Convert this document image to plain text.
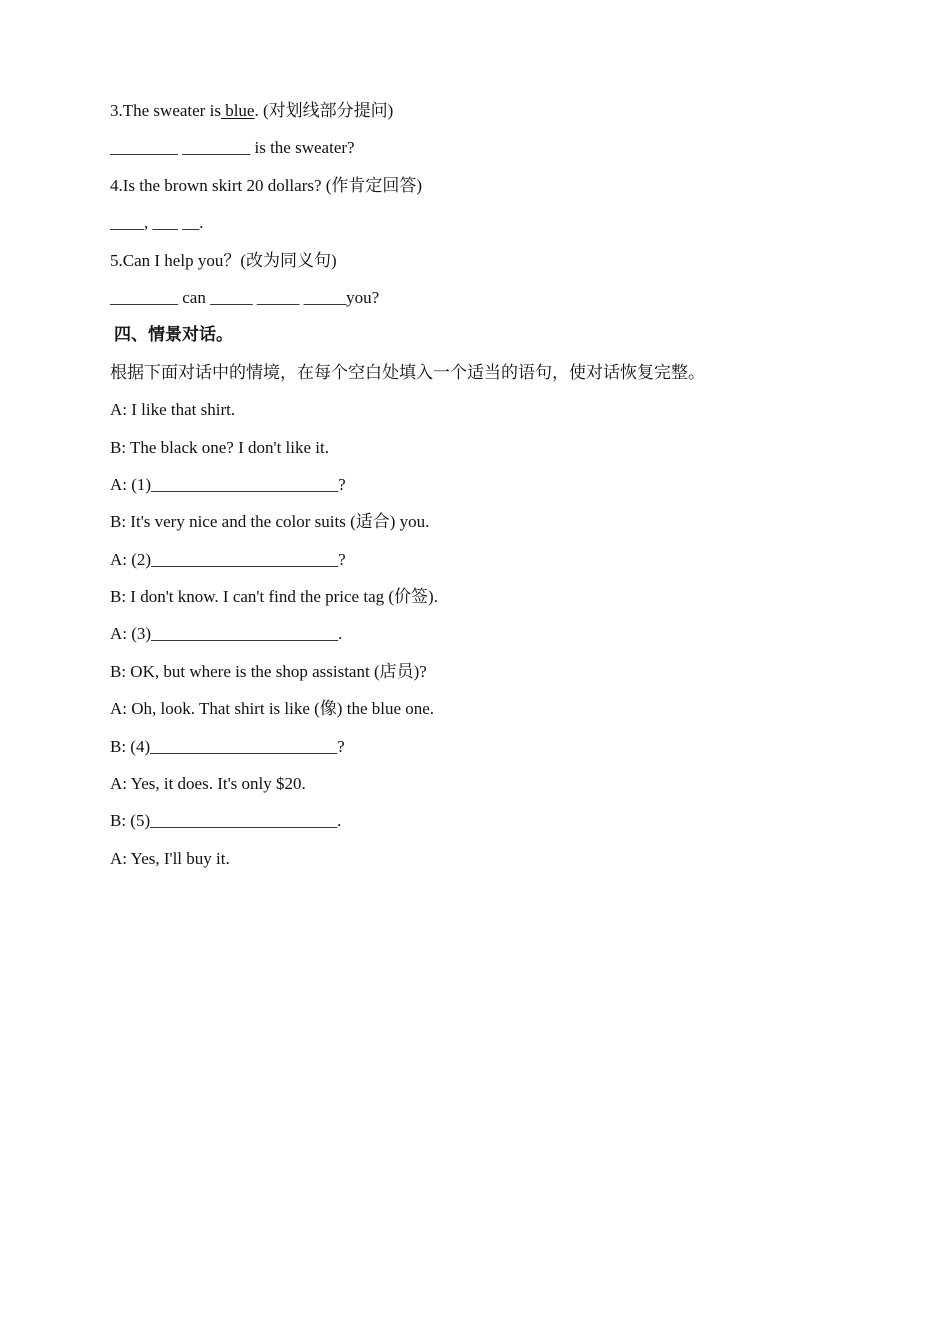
3.The sweater is blue. (对划线部分提问)
________ ________ is the sweater?
4.Is the brown skirt 20 dollars? (作肯定回答)
____, ___ __.
5.Can I help you？(改为同义句)
________ can _____ _____ _____you?
四、情景对话。
根据下面对话中的情境，在每个空白处填入一个适当的语句，使对话恢复完整。
A: I like that shirt.
B: The black one? I don't like it.
A: (1)______________________?
B: It's very nice and the color suits (适合) you.
A: (2)______________________?
B: I don't know. I can't find the price tag (价签).
A: (3)______________________.
B: OK, but where is the shop assistant (店员)?
A: Oh, look. That shirt is like (像) the blue one.
B: (4)______________________?
A: Yes, it does. It's only $20.
B: (5)______________________.
A: Yes, I'll buy it.
